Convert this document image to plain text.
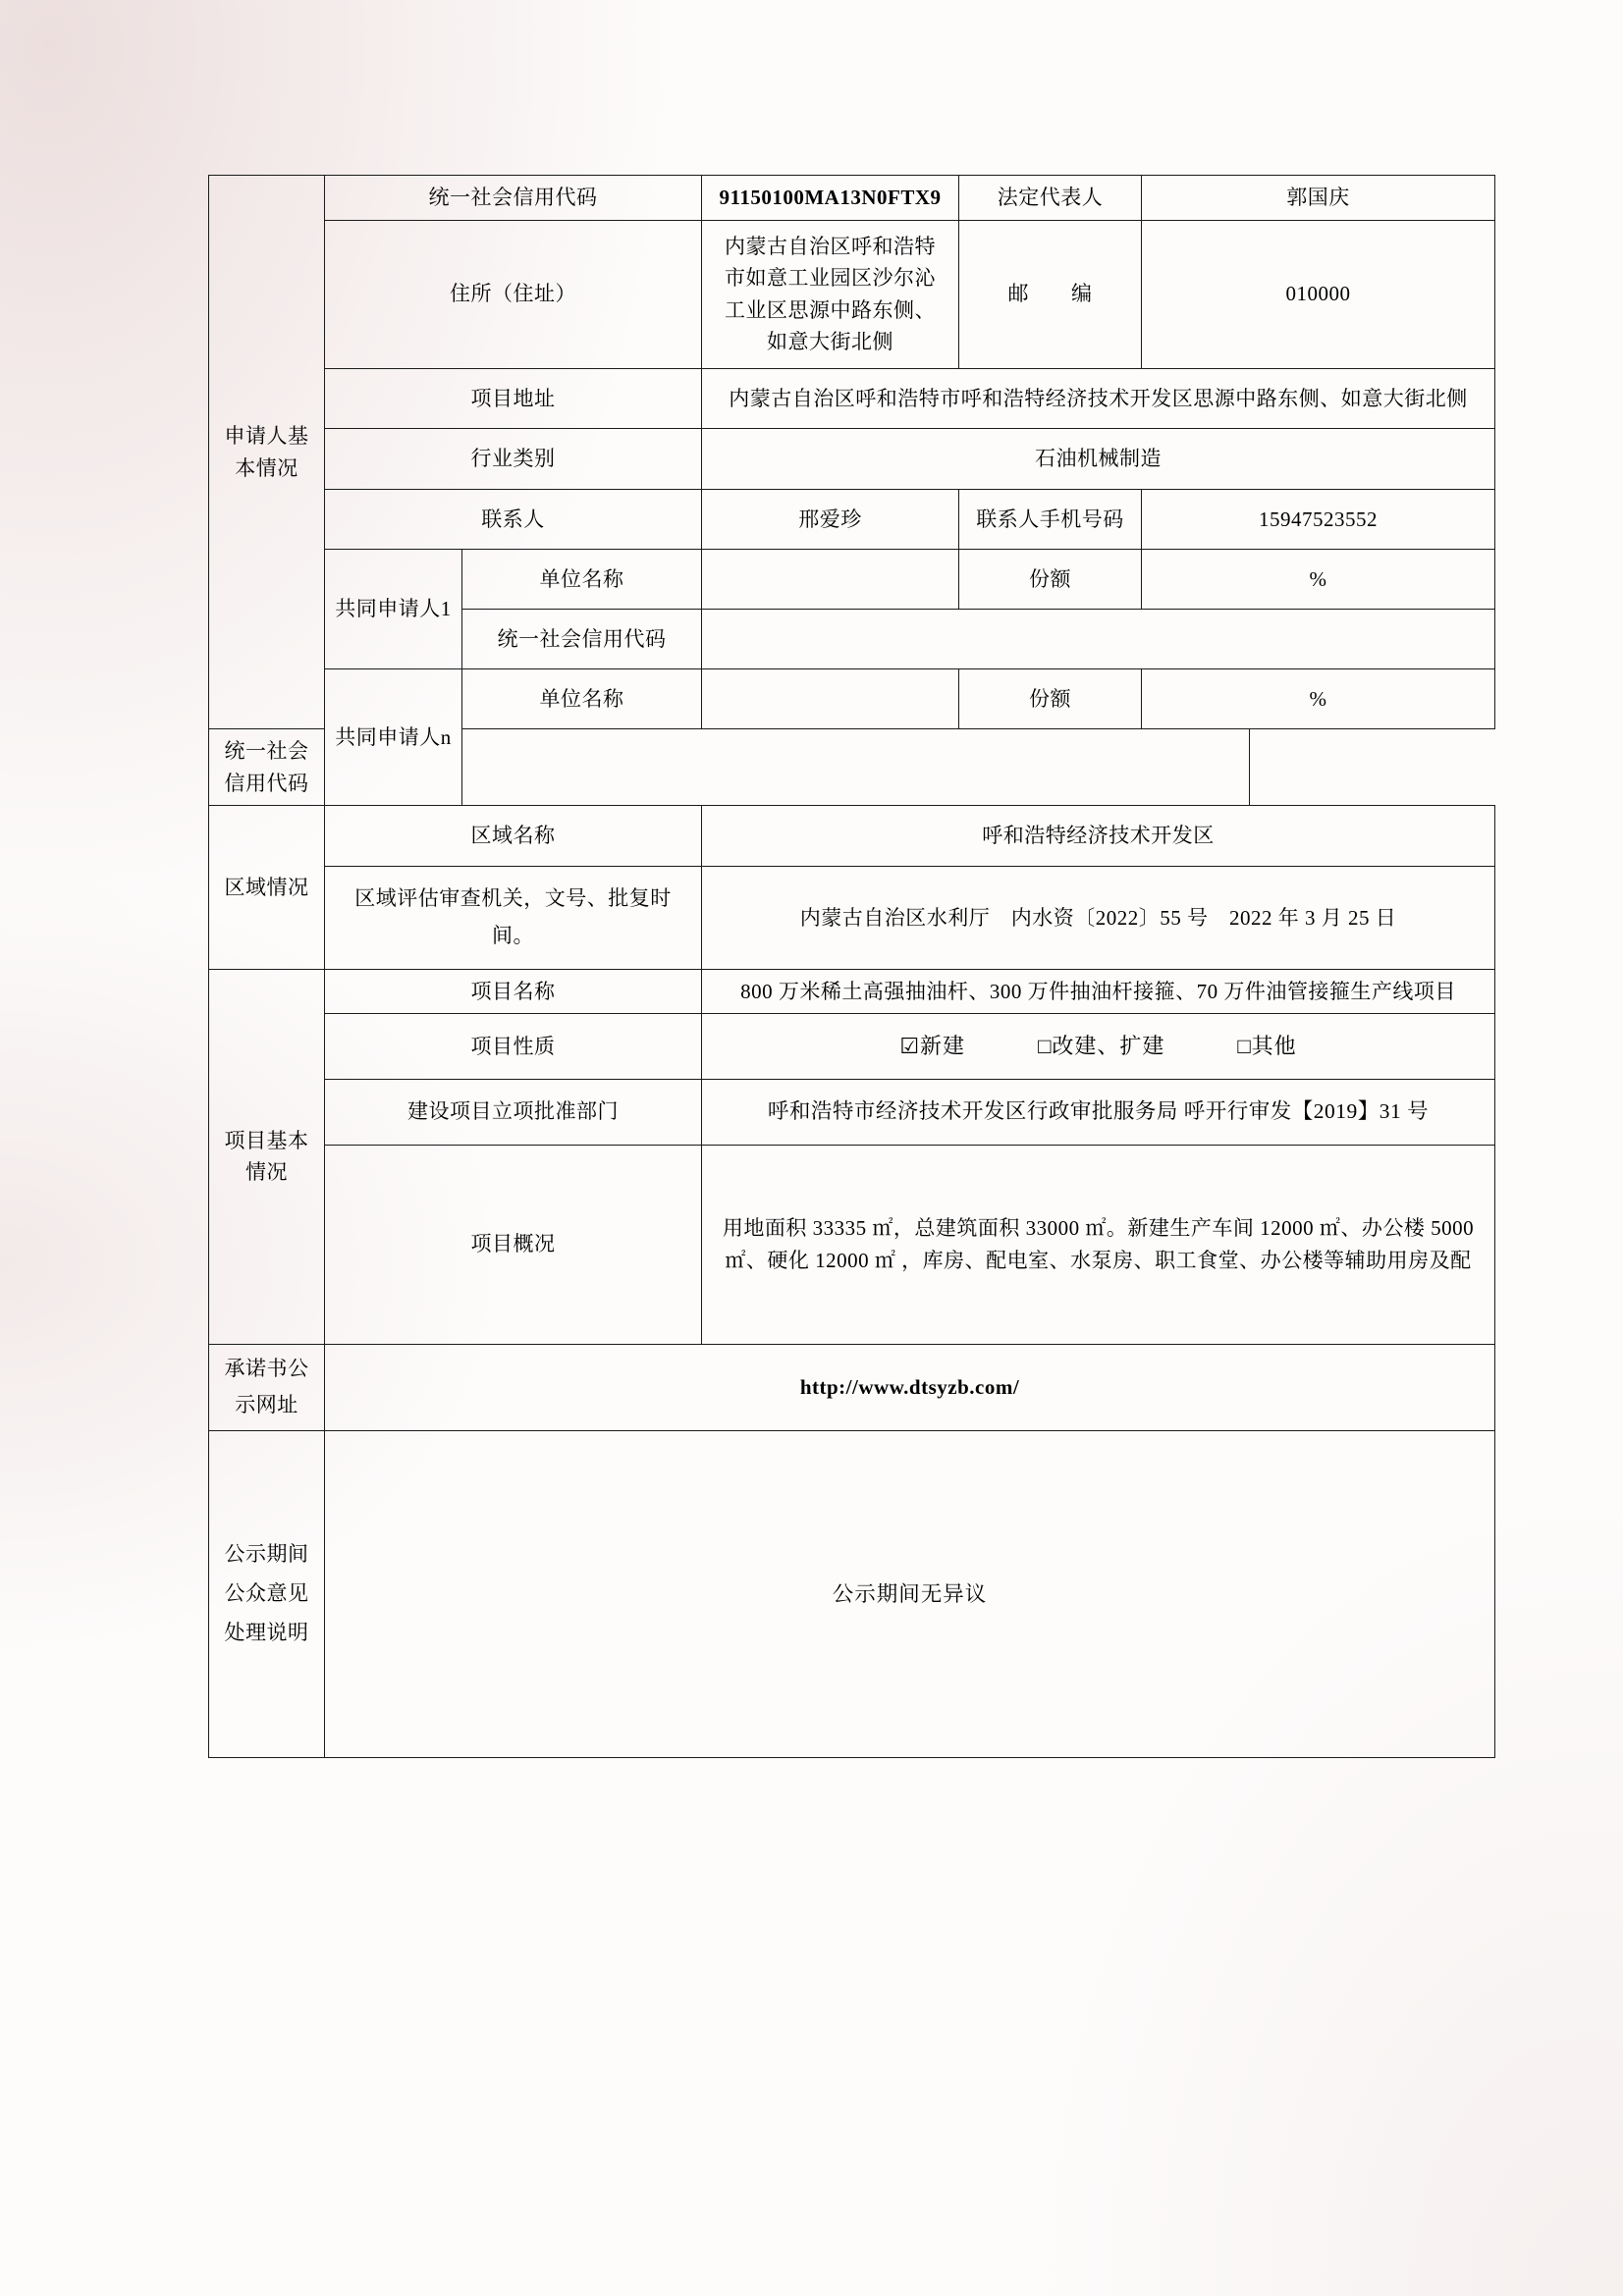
申请人基本情况	统一社会信用代码		91150100MA13N0FTX9	法定代表人	郭国庆
	住所（住址）		内蒙古自治区呼和浩特市如意工业园区沙尔沁工业区思源中路东侧、如意大街北侧	邮　　编	010000
	项目地址		内蒙古自治区呼和浩特市呼和浩特经济技术开发区思源中路东侧、如意大街北侧		
	行业类别		石油机械制造		
	联系人		邢爱珍	联系人手机号码	15947523552
	共同申请人1	单位名称		份额	%
		统一社会信用代码			
	共同申请人n	单位名称		份额	%
统一社会信用代码					
区域情况	区域名称		呼和浩特经济技术开发区		
	区域评估审查机关，文号、批复时间。		内蒙古自治区水利厅　内水资〔2022〕55 号　2022 年 3 月 25 日		
项目基本情况	项目名称		800 万米稀土高强抽油杆、300 万件抽油杆接箍、70 万件油管接箍生产线项目		
	项目性质		☑新建 □改建、扩建 □其他		

	建设项目立项批准部门		呼和浩特市经济技术开发区行政审批服务局 呼开行审发【2019】31 号		
	项目概况		用地面积 33335 ㎡，总建筑面积 33000 ㎡。新建生产车间 12000 ㎡、办公楼 5000 ㎡、硬化 12000 ㎡ ，库房、配电室、水泵房、职工食堂、办公楼等辅助用房及配		
承诺书公示网址	http://www.dtsyzb.com/				
公示期间公众意见处理说明	公示期间无异议				
